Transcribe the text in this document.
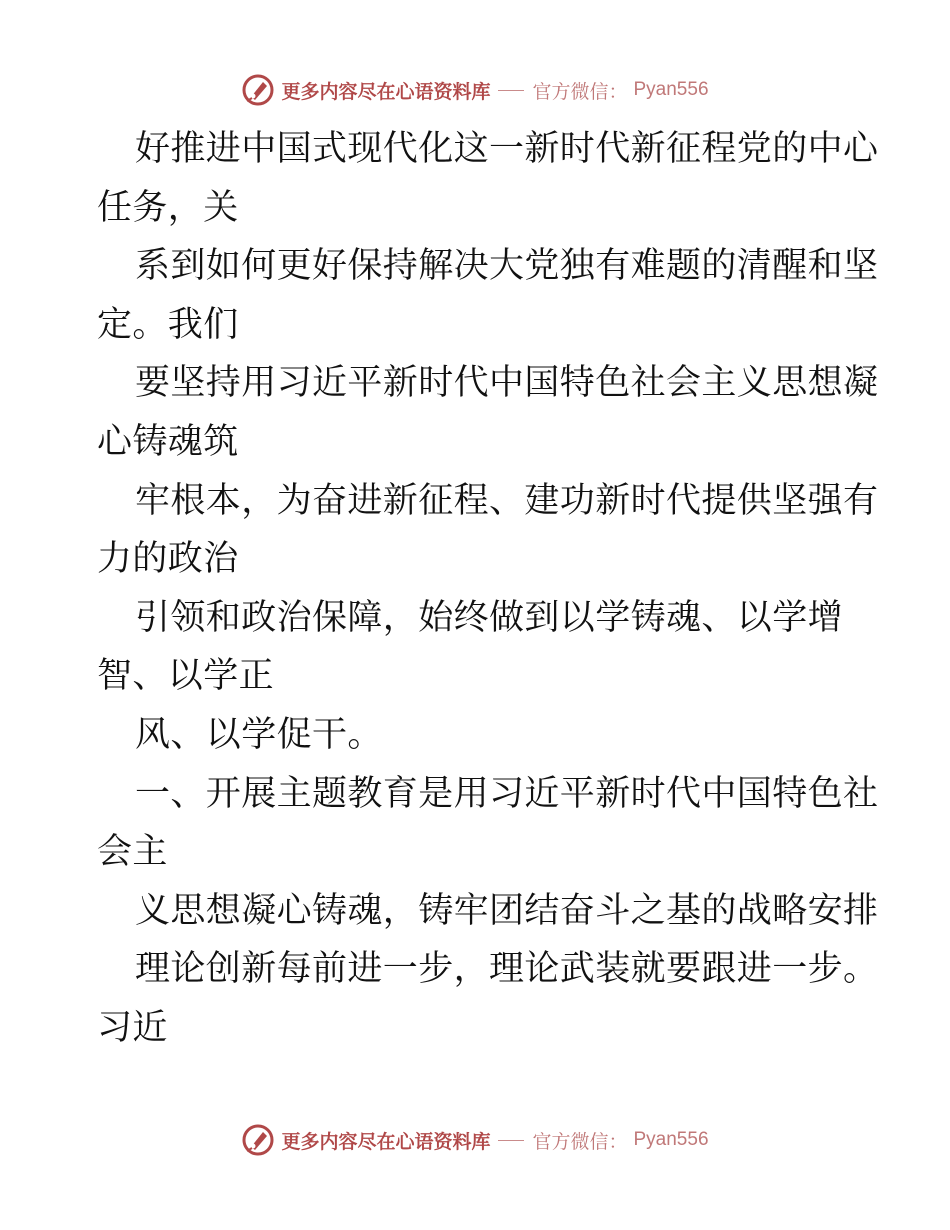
更多内容尽在心语资料库 官方微信： Pyan556
好推进中国式现代化这一新时代新征程党的中心
任务，关
系到如何更好保持解决大党独有难题的清醒和坚
定。我们
要坚持用习近平新时代中国特色社会主义思想凝
心铸魂筑
牢根本，为奋进新征程、建功新时代提供坚强有
力的政治
引领和政治保障，始终做到以学铸魂、以学增
智、以学正
风、以学促干。
一、开展主题教育是用习近平新时代中国特色社
会主
义思想凝心铸魂，铸牢团结奋斗之基的战略安排
理论创新每前进一步，理论武装就要跟进一步。
习近
更多内容尽在心语资料库 官方微信： Pyan556
